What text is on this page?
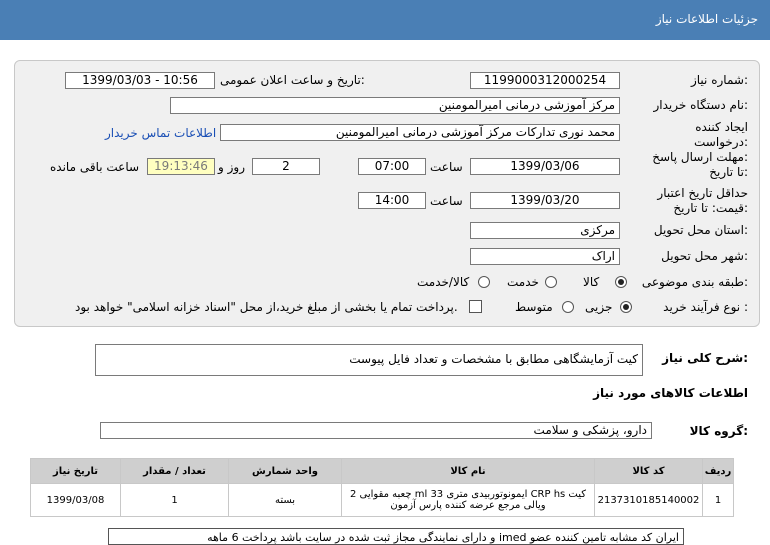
جزئیات اطلاعات نیاز
شماره نیاز:
1199000312000254
تاریخ و ساعت اعلان عمومی:
1399/03/03 - 10:56
نام دستگاه خریدار:
مرکز آموزشی درمانی امیرالمومنین
ایجاد کننده
درخواست:
محمد نوری تدارکات مرکز آموزشی درمانی امیرالمومنین
اطلاعات تماس خریدار
مهلت ارسال پاسخ:
تا تاریخ:
1399/03/06
ساعت
07:00
2
روز و
19:13:46
ساعت باقی مانده
حداقل تاریخ اعتبار
قیمت: تا تاریخ:
1399/03/20
ساعت
14:00
استان محل تحویل:
مرکزی
شهر محل تحویل:
اراک
طبقه بندی موضوعی:
کالا
خدمت
کالا/خدمت
نوع فرآیند خرید :
جزیی
متوسط
پرداخت تمام یا بخشی از مبلغ خرید،از محل "اسناد خزانه اسلامی" خواهد بود.
شرح کلی نیاز:
کیت آزمایشگاهی مطابق با مشخصات و تعداد فایل پیوست
اطلاعات کالاهای مورد نیاز
گروه کالا:
دارو، پزشکی و سلامت
ردیف	کد کالا	نام کالا	واحد شمارش	تعداد / مقدار	تاریخ نیاز
1	2137310185140002	کیت CRP hs ایمونوتوربیدی متری ml 33 چعبه مقوایی 2
ویالی مرجع عرضه کننده پارس آزمون	بسته	1	1399/03/08
ایران کد مشابه تامین کننده عضو imed و دارای نمایندگی مجاز ثبت شده در سایت باشد پرداخت 6 ماهه
